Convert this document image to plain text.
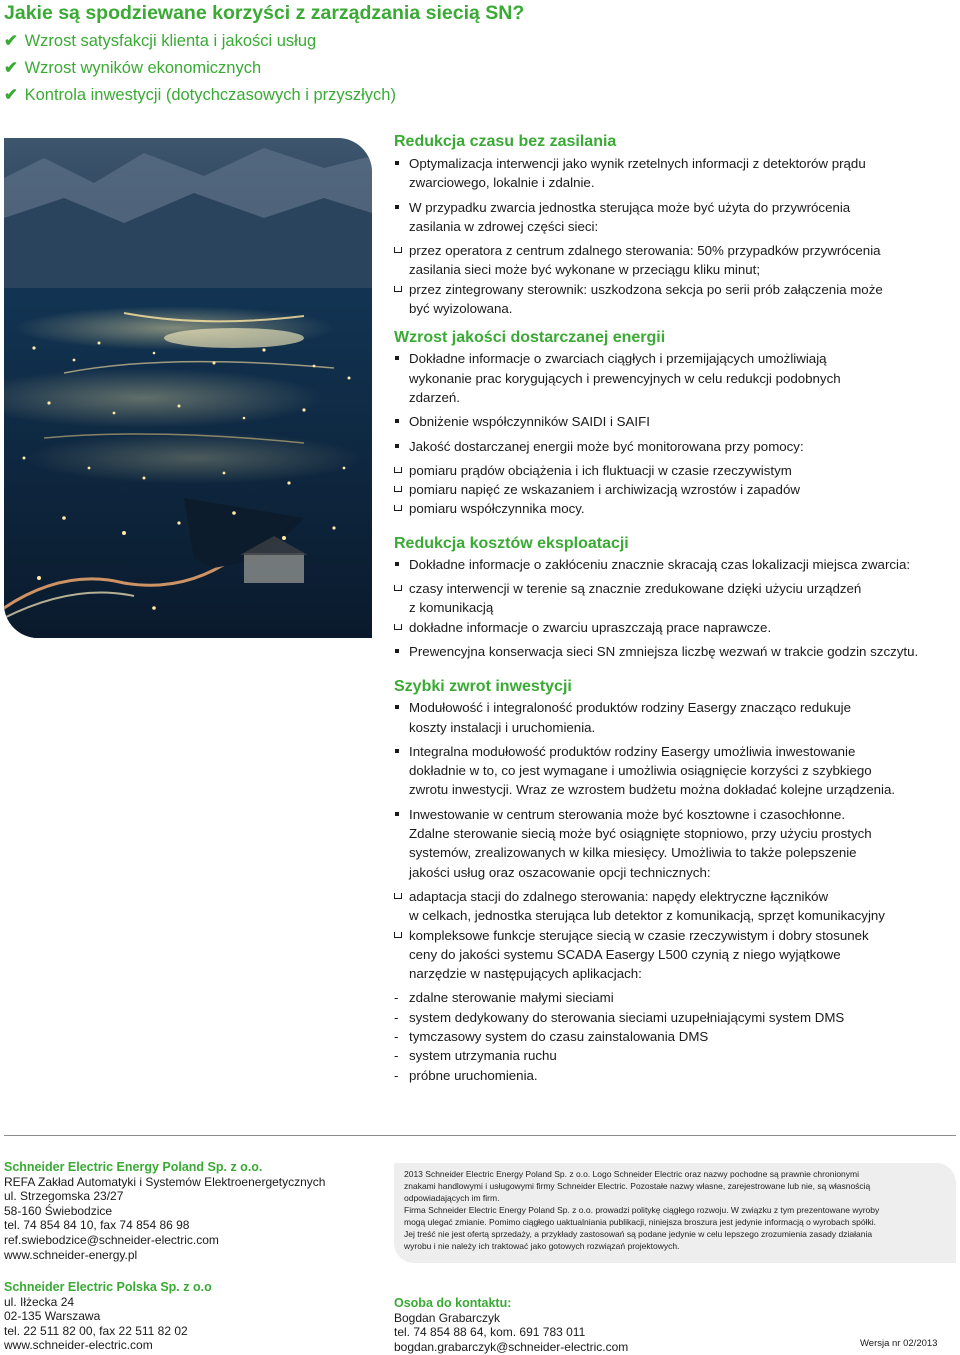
Jakie są spodziewane korzyści z zarządzania siecią SN?
✔ Wzrost satysfakcji klienta i jakości usług
✔ Wzrost wyników ekonomicznych
✔ Kontrola inwestycji (dotychczasowych i przyszłych)
Redukcja czasu bez zasilania
Optymalizacja interwencji jako wynik rzetelnych informacji z detektorów prądu
zwarciowego, lokalnie i zdalnie.
W przypadku zwarcia jednostka sterująca może być użyta do przywrócenia
zasilania w zdrowej części sieci:
przez operatora z centrum zdalnego sterowania: 50% przypadków przywrócenia
zasilania sieci może być wykonane w przeciągu kliku minut;
przez zintegrowany sterownik: uszkodzona sekcja po serii prób załączenia może
być wyizolowana.
Wzrost jakości dostarczanej energii
Dokładne informacje o zwarciach ciągłych i przemijających umożliwiają
wykonanie prac korygujących i prewencyjnych w celu redukcji podobnych
zdarzeń.
Obniżenie współczynników SAIDI i SAIFI
Jakość dostarczanej energii może być monitorowana przy pomocy:
pomiaru prądów obciążenia i ich fluktuacji w czasie rzeczywistym
pomiaru napięć ze wskazaniem i archiwizacją wzrostów i zapadów
pomiaru współczynnika mocy.
Redukcja kosztów eksploatacji
Dokładne informacje o zakłóceniu znacznie skracają czas lokalizacji miejsca zwarcia:
czasy interwencji w terenie są znacznie zredukowane dzięki użyciu urządzeń
z komunikacją
dokładne informacje o zwarciu upraszczają prace naprawcze.
Prewencyjna konserwacja sieci SN zmniejsza liczbę wezwań w trakcie godzin szczytu.
Szybki zwrot inwestycji
Modułowość i integraloność produktów rodziny Easergy znacząco redukuje
koszty instalacji i uruchomienia.
Integralna modułowość produktów rodziny Easergy umożliwia inwestowanie
dokładnie w to, co jest wymagane i umożliwia osiągnięcie korzyści z szybkiego
zwrotu inwestycji. Wraz ze wzrostem budżetu można dokładać kolejne urządzenia.
Inwestowanie w centrum sterowania może być kosztowne i czasochłonne.
Zdalne sterowanie siecią może być osiągnięte stopniowo, przy użyciu prostych
systemów, zrealizowanych w kilka miesięcy. Umożliwia to także polepszenie
jakości usług oraz oszacowanie opcji technicznych:
adaptacja stacji do zdalnego sterowania: napędy elektryczne łączników
w celkach, jednostka sterująca lub detektor z komunikacją, sprzęt komunikacyjny
kompleksowe funkcje sterujące siecią w czasie rzeczywistym i dobry stosunek
ceny do jakości systemu SCADA Easergy L500 czynią z niego wyjątkowe
narzędzie w następujących aplikacjach:
- zdalne sterowanie małymi sieciami
- system dedykowany do sterowania sieciami uzupełniającymi system DMS
- tymczasowy system do czasu zainstalowania DMS
- system utrzymania ruchu
- próbne uruchomienia.
Schneider Electric Energy Poland Sp. z o.o.
REFA Zakład Automatyki i Systemów Elektroenergetycznych
ul. Strzegomska 23/27
58-160 Świebodzice
tel. 74 854 84 10, fax 74 854 86 98
ref.swiebodzice@schneider-electric.com
www.schneider-energy.pl
Schneider Electric Polska Sp. z o.o
ul. Iłżecka 24
02-135 Warszawa
tel. 22 511 82 00, fax 22 511 82 02
www.schneider-electric.com
2013 Schneider Electric Energy Poland Sp. z o.o. Logo Schneider Electric oraz nazwy pochodne są prawnie chronionymi
znakami handlowymi i usługowymi firmy Schneider Electric. Pozostałe nazwy własne, zarejestrowane lub nie, są własnością
odpowiadających im firm.
Firma Schneider Electric Energy Poland Sp. z o.o. prowadzi politykę ciągłego rozwoju. W związku z tym prezentowane wyroby
mogą ulegać zmianie. Pomimo ciągłego uaktualniania publikacji, niniejsza broszura jest jedynie informacją o wyrobach spółki.
Jej treść nie jest ofertą sprzedaży, a przykłady zastosowań są podane jedynie w celu lepszego zrozumienia zasady działania
wyrobu i nie należy ich traktować jako gotowych rozwiązań projektowych.
Osoba do kontaktu:
Bogdan Grabarczyk
tel. 74 854 88 64, kom. 691 783 011
bogdan.grabarczyk@schneider-electric.com	Wersja nr 02/2013
